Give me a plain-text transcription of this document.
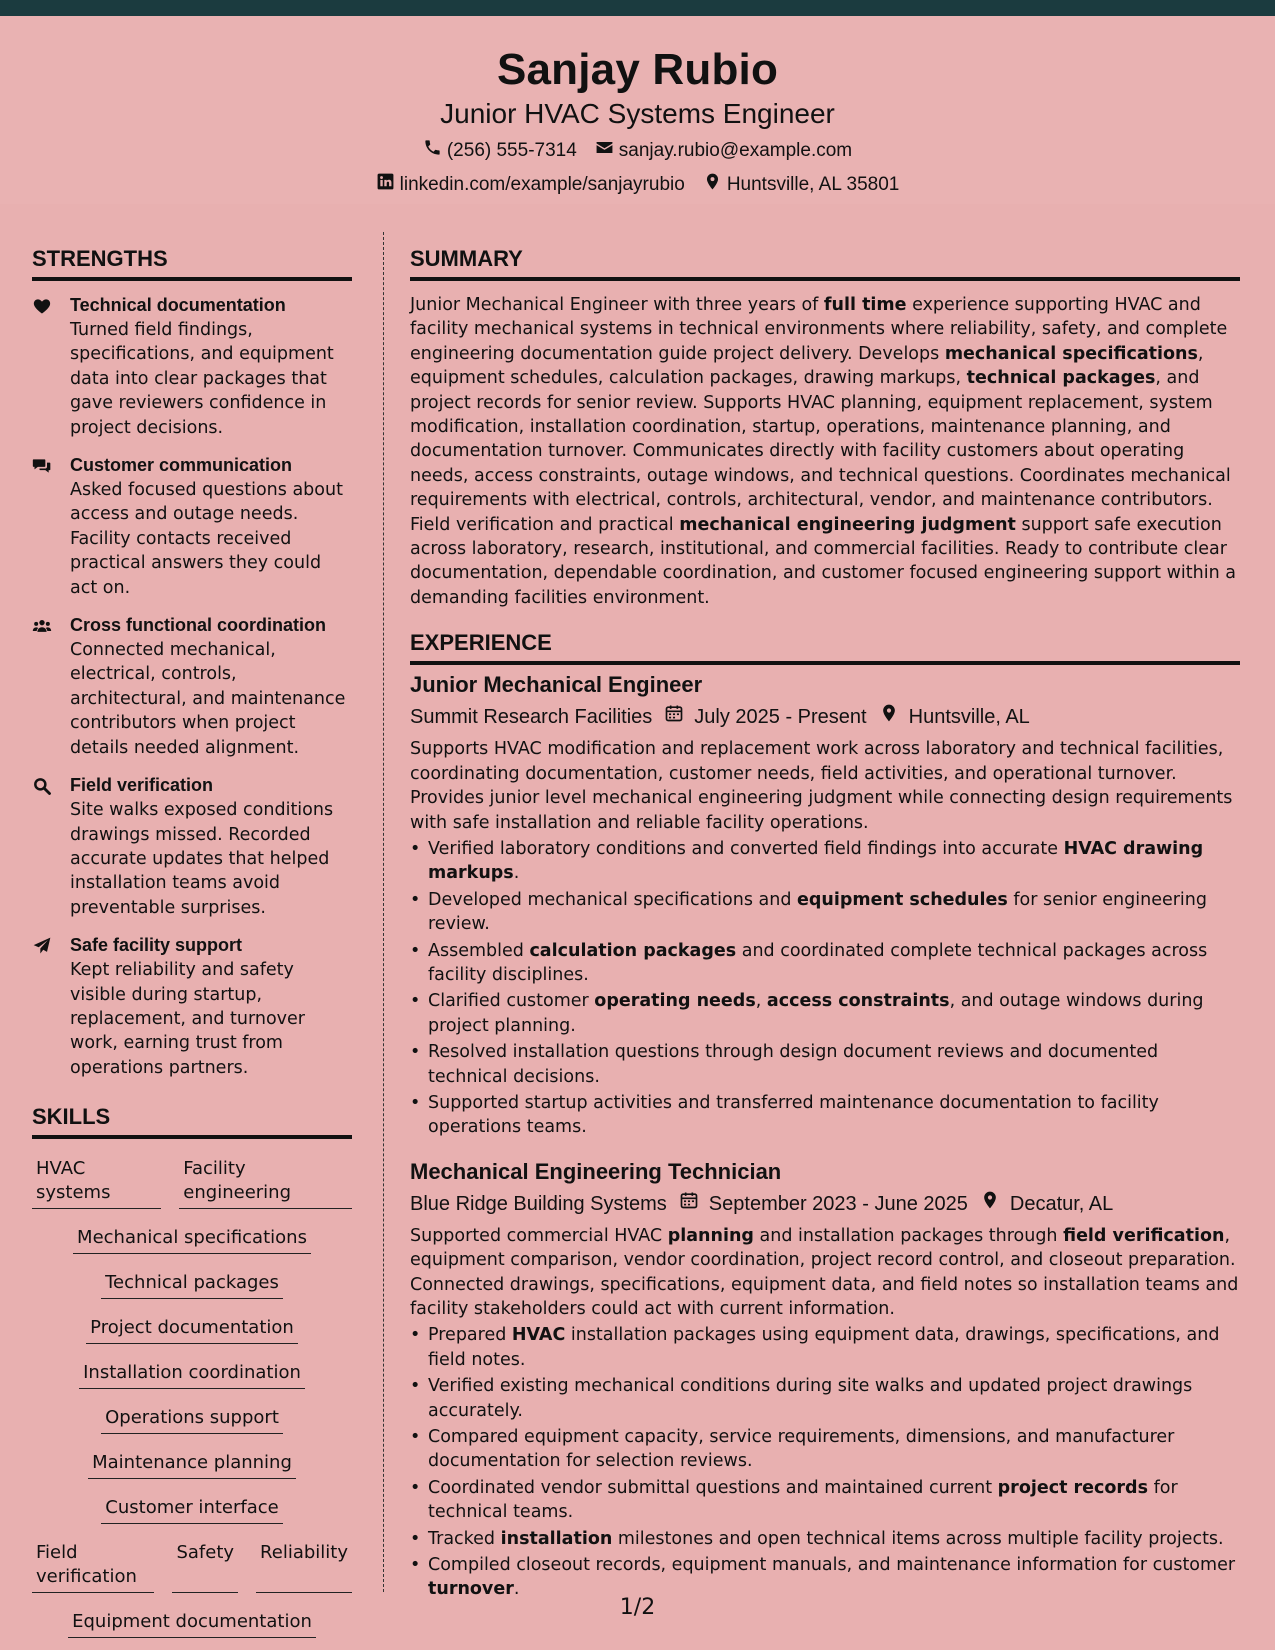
Sanjay Rubio
Junior HVAC Systems Engineer
(256) 555-7314 sanjay.rubio@example.com
linkedin.com/example/sanjayrubio Huntsville, AL 35801
STRENGTHS
Technical documentation
Turned field findings, specifications, and equipment data into clear packages that gave reviewers confidence in project decisions.
Customer communication
Asked focused questions about access and outage needs. Facility contacts received practical answers they could act on.
Cross functional coordination
Connected mechanical, electrical, controls, architectural, and maintenance contributors when project details needed alignment.
Field verification
Site walks exposed conditions drawings missed. Recorded accurate updates that helped installation teams avoid preventable surprises.
Safe facility support
Kept reliability and safety visible during startup, replacement, and turnover work, earning trust from operations partners.
SKILLS
HVAC systems
Facility engineering
Mechanical specifications
Technical packages
Project documentation
Installation coordination
Operations support
Maintenance planning
Customer interface
Field verification
Safety Reliability
Equipment documentation
SUMMARY
Junior Mechanical Engineer with three years of full time experience supporting HVAC and facility mechanical systems in technical environments where reliability, safety, and complete engineering documentation guide project delivery. Develops mechanical specifications, equipment schedules, calculation packages, drawing markups, technical packages, and project records for senior review. Supports HVAC planning, equipment replacement, system modification, installation coordination, startup, operations, maintenance planning, and documentation turnover. Communicates directly with facility customers about operating needs, access constraints, outage windows, and technical questions. Coordinates mechanical requirements with electrical, controls, architectural, vendor, and maintenance contributors. Field verification and practical mechanical engineering judgment support safe execution across laboratory, research, institutional, and commercial facilities. Ready to contribute clear documentation, dependable coordination, and customer focused engineering support within a demanding facilities environment.
EXPERIENCE
Junior Mechanical Engineer
Summit Research Facilities July 2025 - Present Huntsville, AL
Supports HVAC modification and replacement work across laboratory and technical facilities, coordinating documentation, customer needs, field activities, and operational turnover. Provides junior level mechanical engineering judgment while connecting design requirements with safe installation and reliable facility operations.
• Verified laboratory conditions and converted field findings into accurate HVAC drawing markups.
• Developed mechanical specifications and equipment schedules for senior engineering review.
• Assembled calculation packages and coordinated complete technical packages across facility disciplines.
• Clarified customer operating needs, access constraints, and outage windows during project planning.
• Resolved installation questions through design document reviews and documented technical decisions.
• Supported startup activities and transferred maintenance documentation to facility operations teams.
Mechanical Engineering Technician
Blue Ridge Building Systems September 2023 - June 2025 Decatur, AL
Supported commercial HVAC planning and installation packages through field verification, equipment comparison, vendor coordination, project record control, and closeout preparation. Connected drawings, specifications, equipment data, and field notes so installation teams and facility stakeholders could act with current information.
• Prepared HVAC installation packages using equipment data, drawings, specifications, and field notes.
• Verified existing mechanical conditions during site walks and updated project drawings accurately.
• Compared equipment capacity, service requirements, dimensions, and manufacturer documentation for selection reviews.
• Coordinated vendor submittal questions and maintained current project records for technical teams.
• Tracked installation milestones and open technical items across multiple facility projects.
• Compiled closeout records, equipment manuals, and maintenance information for customer turnover.
1/2
